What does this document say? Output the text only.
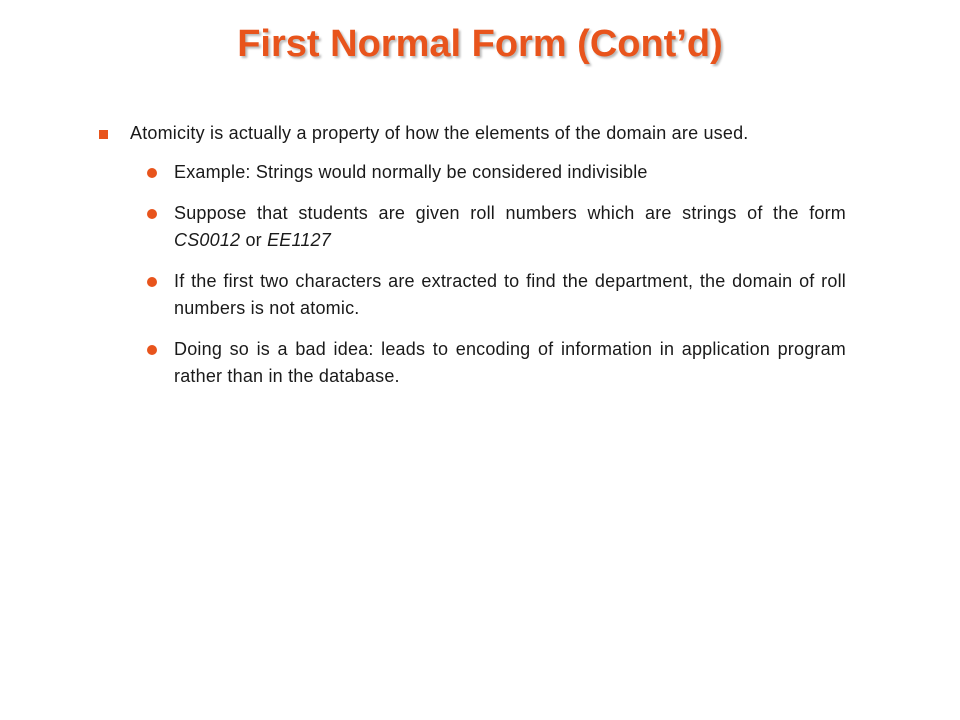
First Normal Form (Cont’d)
Atomicity is actually a property of how the elements of the domain are used.
Example: Strings would normally be considered indivisible
Suppose that students are given roll numbers which are strings of the form CS0012 or EE1127
If the first two characters are extracted to find the department, the domain of roll numbers is not atomic.
Doing so is a bad idea: leads to encoding of information in application program rather than in the database.
